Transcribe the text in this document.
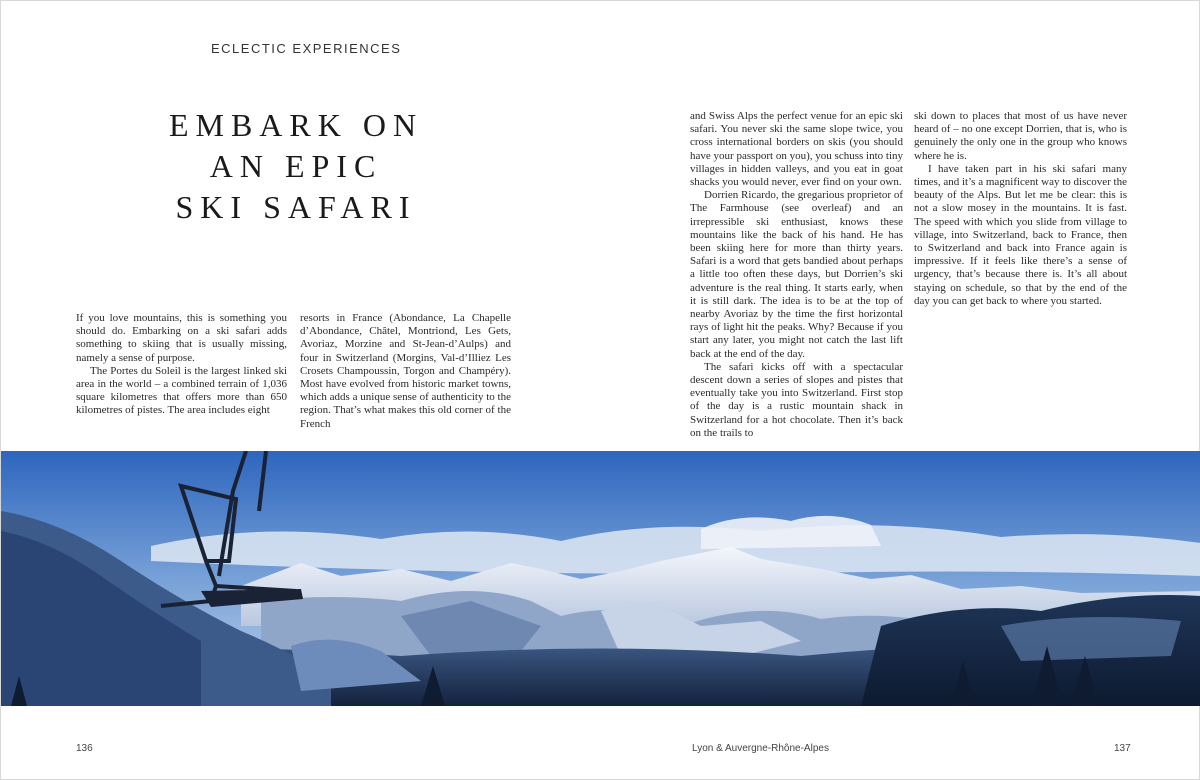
ECLECTIC EXPERIENCES
EMBARK ON
AN EPIC
SKI SAFARI

If you love mountains, this is something you should do. Embarking on a ski safari adds something to skiing that is usually missing, namely a sense of purpose.

The Portes du Soleil is the largest linked ski area in the world – a combined terrain of 1,036 square kilometres that offers more than 650 kilometres of pistes. The area includes eight

resorts in France (Abondance, La Chapelle d’Abondance, Châtel, Montriond, Les Gets, Avoriaz, Morzine and St-Jean-d’Aulps) and four in Switzerland (Morgins, Val-d’Illiez Les Crosets Champoussin, Torgon and Champéry). Most have evolved from historic market towns, which adds a unique sense of authenticity to the region. That’s what makes this old corner of the French

and Swiss Alps the perfect venue for an epic ski safari. You never ski the same slope twice, you cross international borders on skis (you should have your passport on you), you schuss into tiny villages in hidden valleys, and you eat in goat shacks you would never, ever find on your own.

Dorrien Ricardo, the gregarious proprietor of The Farmhouse (see overleaf) and an irrepressible ski enthusiast, knows these mountains like the back of his hand. He has been skiing here for more than thirty years. Safari is a word that gets bandied about perhaps a little too often these days, but Dorrien’s ski adventure is the real thing. It starts early, when it is still dark. The idea is to be at the top of nearby Avoriaz by the time the first horizontal rays of light hit the peaks. Why? Because if you start any later, you might not catch the last lift back at the end of the day.

The safari kicks off with a spectacular descent down a series of slopes and pistes that eventually take you into Switzerland. First stop of the day is a rustic mountain shack in Switzerland for a hot chocolate. Then it’s back on the trails to

ski down to places that most of us have never heard of – no one except Dorrien, that is, who is genuinely the only one in the group who knows where he is.

I have taken part in his ski safari many times, and it’s a magnificent way to discover the beauty of the Alps. But let me be clear: this is not a slow mosey in the mountains. It is fast. The speed with which you slide from village to village, into Switzerland, back to France, then to Switzerland and back into France again is impressive. If it feels like there’s a sense of urgency, that’s because there is. It’s all about staying on schedule, so that by the end of the day you can get back to where you started.

136	Lyon & Auvergne-Rhône-Alpes	137
